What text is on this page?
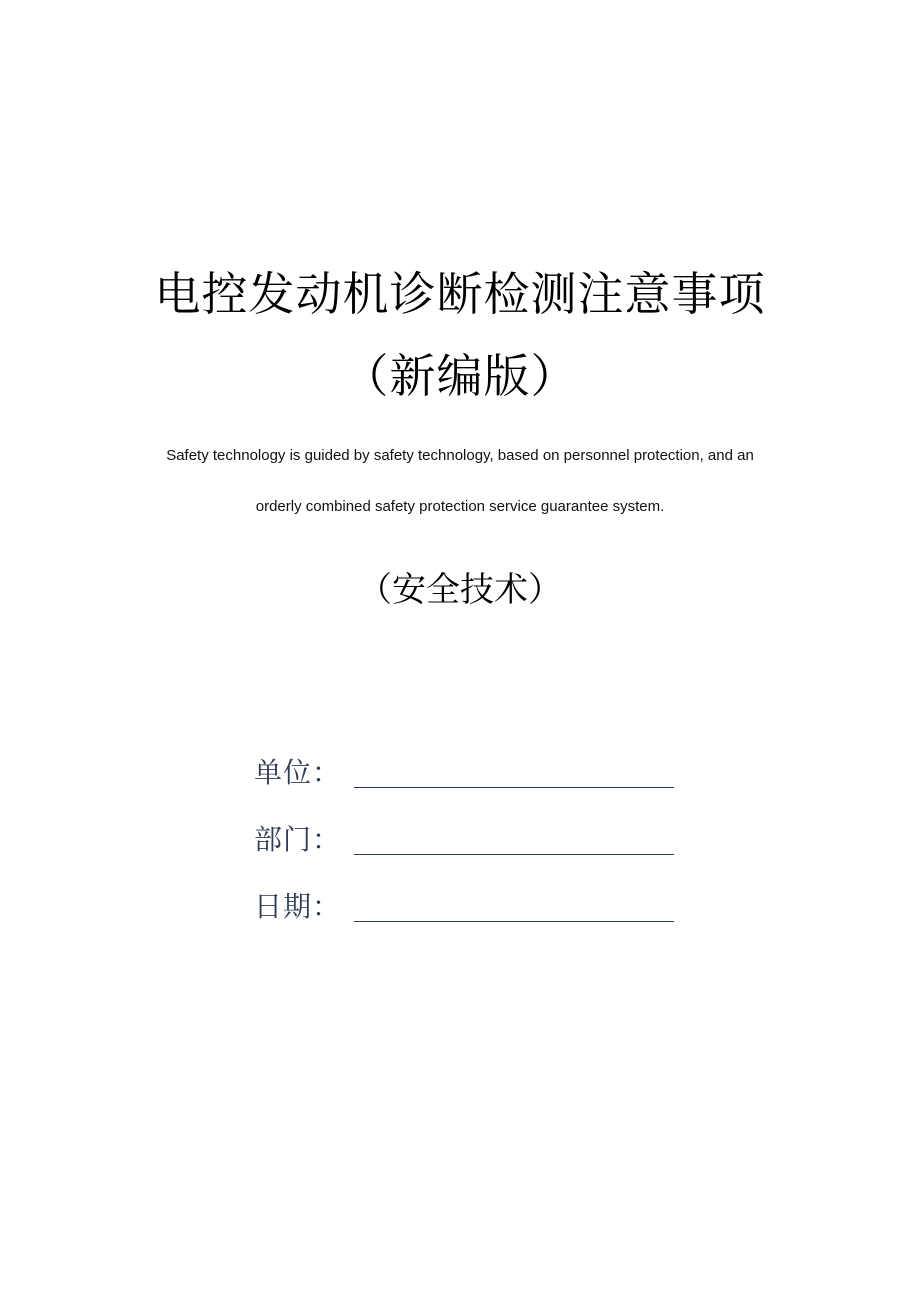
电控发动机诊断检测注意事项
（新编版）
Safety technology is guided by safety technology, based on personnel protection, and an
orderly combined safety protection service guarantee system.
（安全技术）
单位：
部门：
日期：
